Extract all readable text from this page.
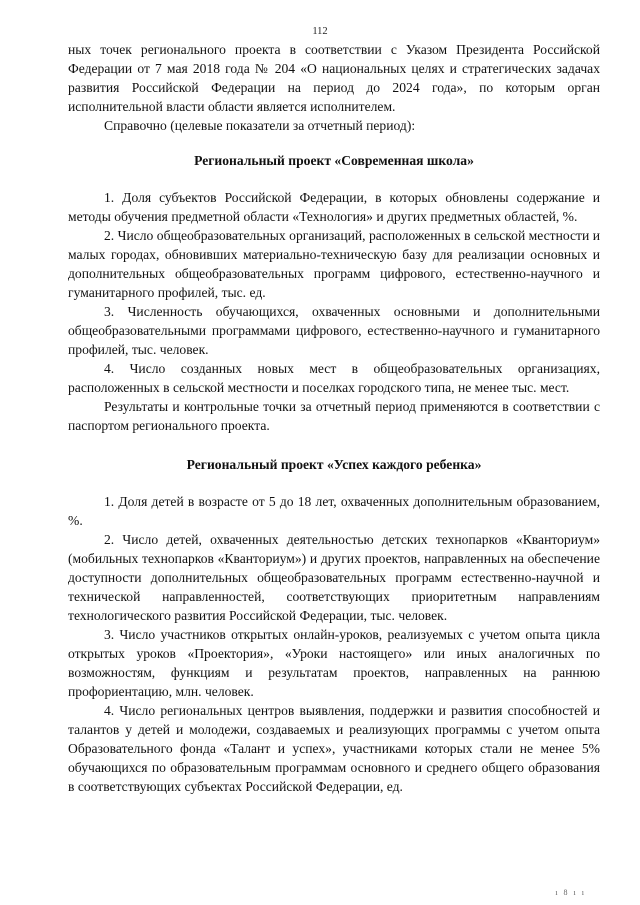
112

ных точек регионального проекта в соответствии с Указом Президента Российской Федерации от 7 мая 2018 года № 204 «О национальных целях и стратегических задачах развития Российской Федерации на период до 2024 года», по которым орган исполнительной власти области является исполнителем.

Справочно (целевые показатели за отчетный период):

Региональный проект «Современная школа»

1. Доля субъектов Российской Федерации, в которых обновлены содержание и методы обучения предметной области «Технология» и других предметных областей, %.

2. Число общеобразовательных организаций, расположенных в сельской местности и малых городах, обновивших материально-техническую базу для реализации основных и дополнительных общеобразовательных программ цифрового, естественно-научного и гуманитарного профилей, тыс. ед.

3. Численность обучающихся, охваченных основными и дополнительными общеобразовательными программами цифрового, естественно-научного и гуманитарного профилей, тыс. человек.

4. Число созданных новых мест в общеобразовательных организациях, расположенных в сельской местности и поселках городского типа, не менее тыс. мест.

Результаты и контрольные точки за отчетный период применяются в соответствии с паспортом регионального проекта.

Региональный проект «Успех каждого ребенка»

1. Доля детей в возрасте от 5 до 18 лет, охваченных дополнительным образованием, %.

2. Число детей, охваченных деятельностью детских технопарков «Кванториум» (мобильных технопарков «Кванториум») и других проектов, направленных на обеспечение доступности дополнительных общеобразовательных программ естественно-научной и технической направленностей, соответствующих приоритетным направлениям технологического развития Российской Федерации, тыс. человек.

3. Число участников открытых онлайн-уроков, реализуемых с учетом опыта цикла открытых уроков «Проектория», «Уроки настоящего» или иных аналогичных по возможностям, функциям и результатам проектов, направленных на раннюю профориентацию, млн. человек.

4. Число региональных центров выявления, поддержки и развития способностей и талантов у детей и молодежи, создаваемых и реализующих программы с учетом опыта Образовательного фонда «Талант и успех», участниками которых стали не менее 5% обучающихся по образовательным программам основного и среднего общего образования в соответствующих субъектах Российской Федерации, ед.

ı 8 ı ı
